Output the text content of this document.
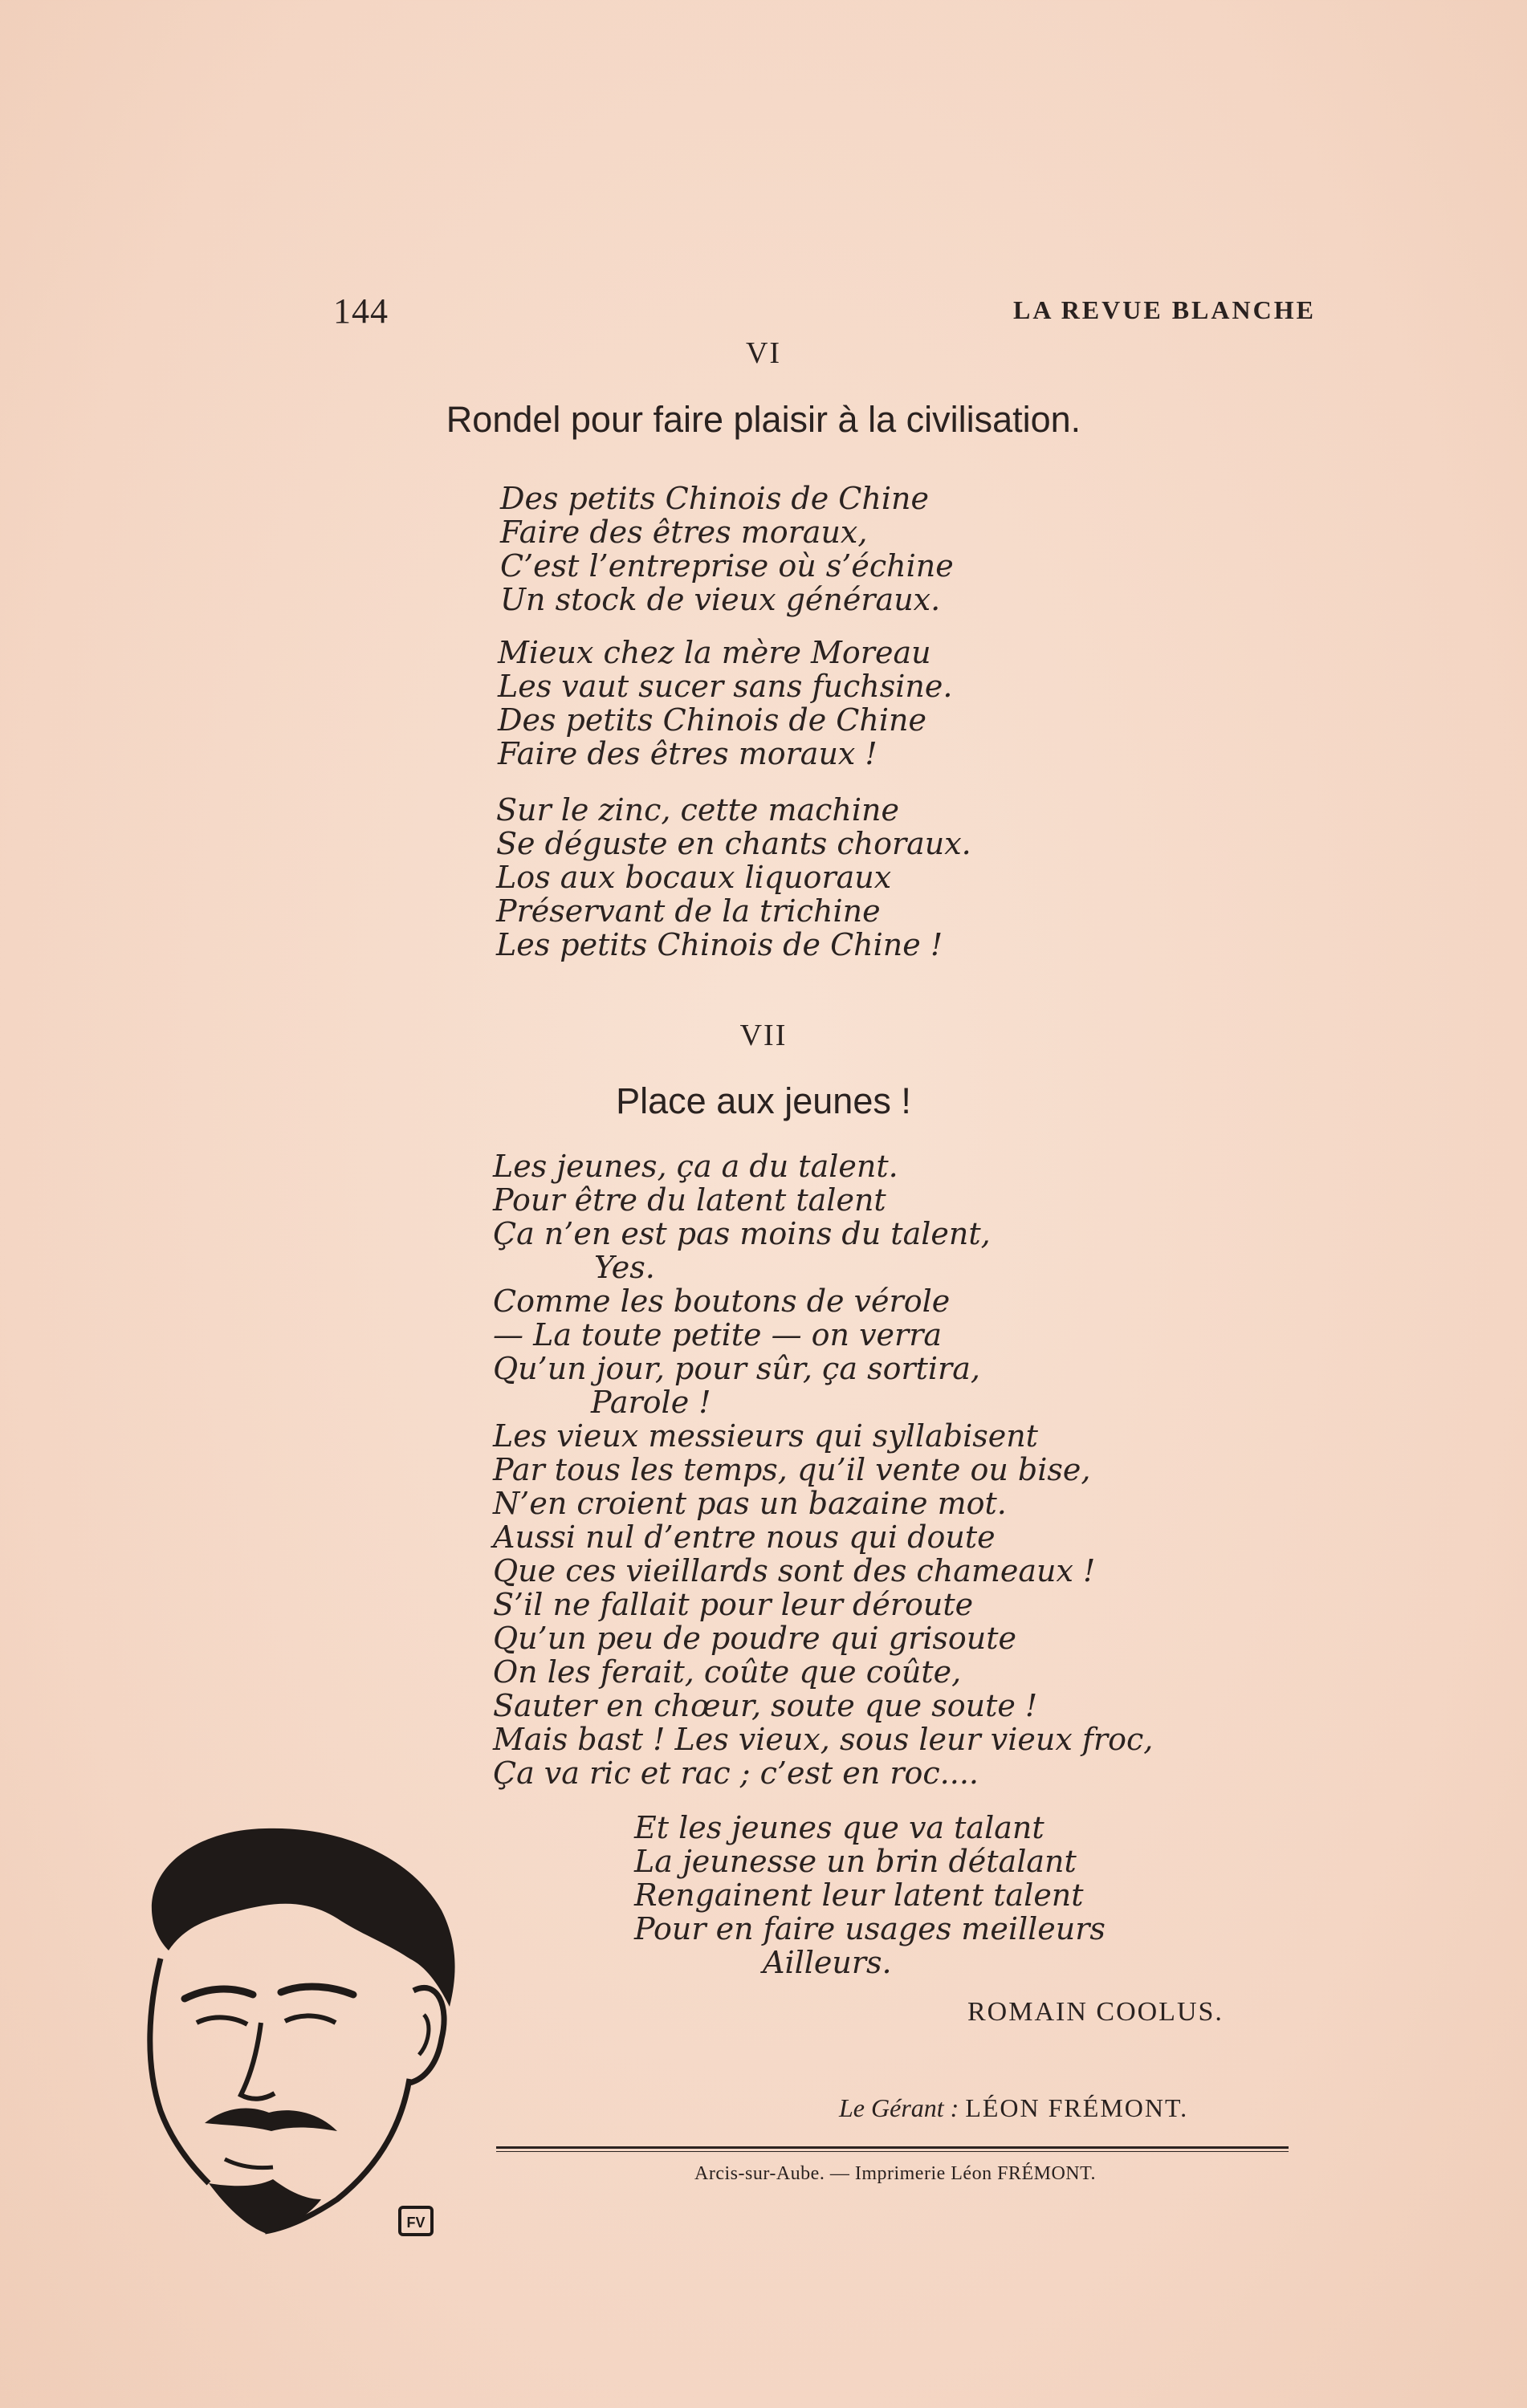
144	LA REVUE BLANCHE
VI
Rondel pour faire plaisir à la civilisation.
Des petits Chinois de Chine
Faire des êtres moraux,
C’est l’entreprise où s’échine
Un stock de vieux généraux.
Mieux chez la mère Moreau
Les vaut sucer sans fuchsine.
Des petits Chinois de Chine
Faire des êtres moraux !
Sur le zinc, cette machine
Se déguste en chants choraux.
Los aux bocaux liquoraux
Préservant de la trichine
Les petits Chinois de Chine !
VII
Place aux jeunes !
Les jeunes, ça a du talent.
Pour être du latent talent
Ça n’en est pas moins du talent,
Yes.
Comme les boutons de vérole
— La toute petite — on verra
Qu’un jour, pour sûr, ça sortira,
Parole !
Les vieux messieurs qui syllabisent
Par tous les temps, qu’il vente ou bise,
N’en croient pas un bazaine mot.
Aussi nul d’entre nous qui doute
Que ces vieillards sont des chameaux !
S’il ne fallait pour leur déroute
Qu’un peu de poudre qui grisoute
On les ferait, coûte que coûte,
Sauter en chœur, soute que soute !
Mais bast ! Les vieux, sous leur vieux froc,
Ça va ric et rac ; c’est en roc....
Et les jeunes que va talant
La jeunesse un brin détalant
Rengainent leur latent talent
Pour en faire usages meilleurs
Ailleurs.
ROMAIN COOLUS.
Le Gérant : LÉON FRÉMONT.
Arcis-sur-Aube. — Imprimerie Léon FRÉMONT.
FV
